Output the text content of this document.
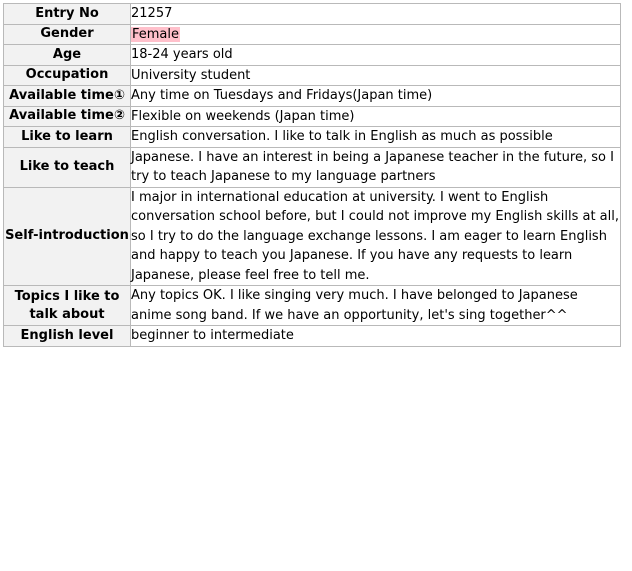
Entry No	21257
Gender	Female
Age	18-24 years old
Occupation	University student
Available time①	Any time on Tuesdays and Fridays(Japan time)
Available time②	Flexible on weekends (Japan time)
Like to learn	English conversation. I like to talk in English as much as possible
Like to teach	Japanese. I have an interest in being a Japanese teacher in the future, so I try to teach Japanese to my language partners
Self-introduction	I major in international education at university. I went to English conversation school before, but I could not improve my English skills at all, so I try to do the language exchange lessons. I am eager to learn English and happy to teach you Japanese. If you have any requests to learn Japanese, please feel free to tell me.
Topics I like to talk about	Any topics OK. I like singing very much. I have belonged to Japanese anime song band. If we have an opportunity, let's sing together^^
English level	beginner to intermediate
